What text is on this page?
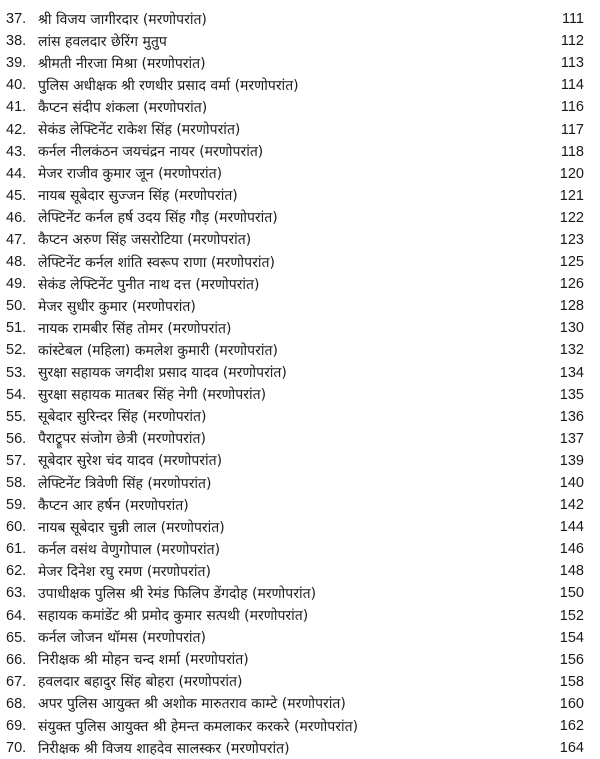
37. श्री विजय जागीरदार (मरणोपरांत)	111
38. लांस हवलदार छेरिंग मुतुप	112
39. श्रीमती नीरजा मिश्रा (मरणोपरांत)	113
40. पुलिस अधीक्षक श्री रणधीर प्रसाद वर्मा (मरणोपरांत)	114
41. कैप्टन संदीप शंकला (मरणोपरांत)	116
42. सेकंड लेफ्टिनेंट राकेश सिंह (मरणोपरांत)	117
43. कर्नल नीलकंठन जयचंद्रन नायर (मरणोपरांत)	118
44. मेजर राजीव कुमार जून (मरणोपरांत)	120
45. नायब सूबेदार सुज्जन सिंह (मरणोपरांत)	121
46. लेफ्टिनेंट कर्नल हर्ष उदय सिंह गौड़ (मरणोपरांत)	122
47. कैप्टन अरुण सिंह जसरोटिया (मरणोपरांत)	123
48. लेफ्टिनेंट कर्नल शांति स्वरूप राणा (मरणोपरांत)	125
49. सेकंड लेफ्टिनेंट पुनीत नाथ दत्त (मरणोपरांत)	126
50. मेजर सुधीर कुमार (मरणोपरांत)	128
51. नायक रामबीर सिंह तोमर (मरणोपरांत)	130
52. कांस्टेबल (महिला) कमलेश कुमारी (मरणोपरांत)	132
53. सुरक्षा सहायक जगदीश प्रसाद यादव (मरणोपरांत)	134
54. सुरक्षा सहायक मातबर सिंह नेगी (मरणोपरांत)	135
55. सूबेदार सुरिन्दर सिंह (मरणोपरांत)	136
56. पैराट्रूपर संजोग छेत्री (मरणोपरांत)	137
57. सूबेदार सुरेश चंद यादव (मरणोपरांत)	139
58. लेफ्टिनेंट त्रिवेणी सिंह (मरणोपरांत)	140
59. कैप्टन आर हर्षन (मरणोपरांत)	142
60. नायब सूबेदार चुन्नी लाल (मरणोपरांत)	144
61. कर्नल वसंथ वेणुगोपाल (मरणोपरांत)	146
62. मेजर दिनेश रघु रमण (मरणोपरांत)	148
63. उपाधीक्षक पुलिस श्री रेमंड फिलिप डेंगदोह (मरणोपरांत)	150
64. सहायक कमांडेंट श्री प्रमोद कुमार सत्पथी (मरणोपरांत)	152
65. कर्नल जोजन थॉमस (मरणोपरांत)	154
66. निरीक्षक श्री मोहन चन्द शर्मा (मरणोपरांत)	156
67. हवलदार बहादुर सिंह बोहरा (मरणोपरांत)	158
68. अपर पुलिस आयुक्त श्री अशोक मारुतराव काम्टे (मरणोपरांत)	160
69. संयुक्त पुलिस आयुक्त श्री हेमन्त कमलाकर करकरे (मरणोपरांत)	162
70. निरीक्षक श्री विजय शाहदेव सालस्कर (मरणोपरांत)	164
